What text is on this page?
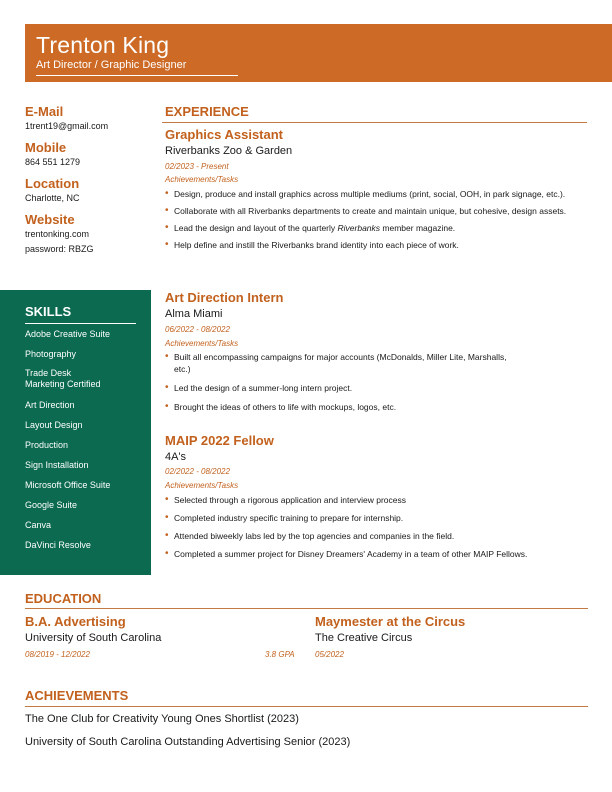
Trenton King
Art Director / Graphic Designer
E-Mail
1trent19@gmail.com
Mobile
864 551 1279
Location
Charlotte, NC
Website
trentonking.com
password: RBZG
SKILLS
Adobe Creative Suite
Photography
Trade Desk
Marketing Certified
Art Direction
Layout Design
Production
Sign Installation
Microsoft Office Suite
Google Suite
Canva
DaVinci Resolve
EXPERIENCE
Graphics Assistant
Riverbanks Zoo & Garden
02/2023 - Present
Achievements/Tasks
• Design, produce and install graphics across multiple mediums (print, social, OOH, in park signage, etc.).
• Collaborate with all Riverbanks departments to create and maintain unique, but cohesive, design assets.
• Lead the design and layout of the quarterly Riverbanks member magazine.
• Help define and instill the Riverbanks brand identity into each piece of work.
Art Direction Intern
Alma Miami
06/2022 - 08/2022
Achievements/Tasks
• Built all encompassing campaigns for major accounts (McDonalds, Miller Lite, Marshalls, etc.)
• Led the design of a summer-long intern project.
• Brought the ideas of others to life with mockups, logos, etc.
MAIP 2022 Fellow
4A's
02/2022 - 08/2022
Achievements/Tasks
• Selected through a rigorous application and interview process
• Completed industry specific training to prepare for internship.
• Attended biweekly labs led by the top agencies and companies in the field.
• Completed a summer project for Disney Dreamers' Academy in a team of other MAIP Fellows.
EDUCATION
B.A. Advertising
University of South Carolina
08/2019 - 12/2022	3.8 GPA
Maymester at the Circus
The Creative Circus
05/2022
ACHIEVEMENTS
The One Club for Creativity Young Ones Shortlist (2023)
University of South Carolina Outstanding Advertising Senior (2023)
